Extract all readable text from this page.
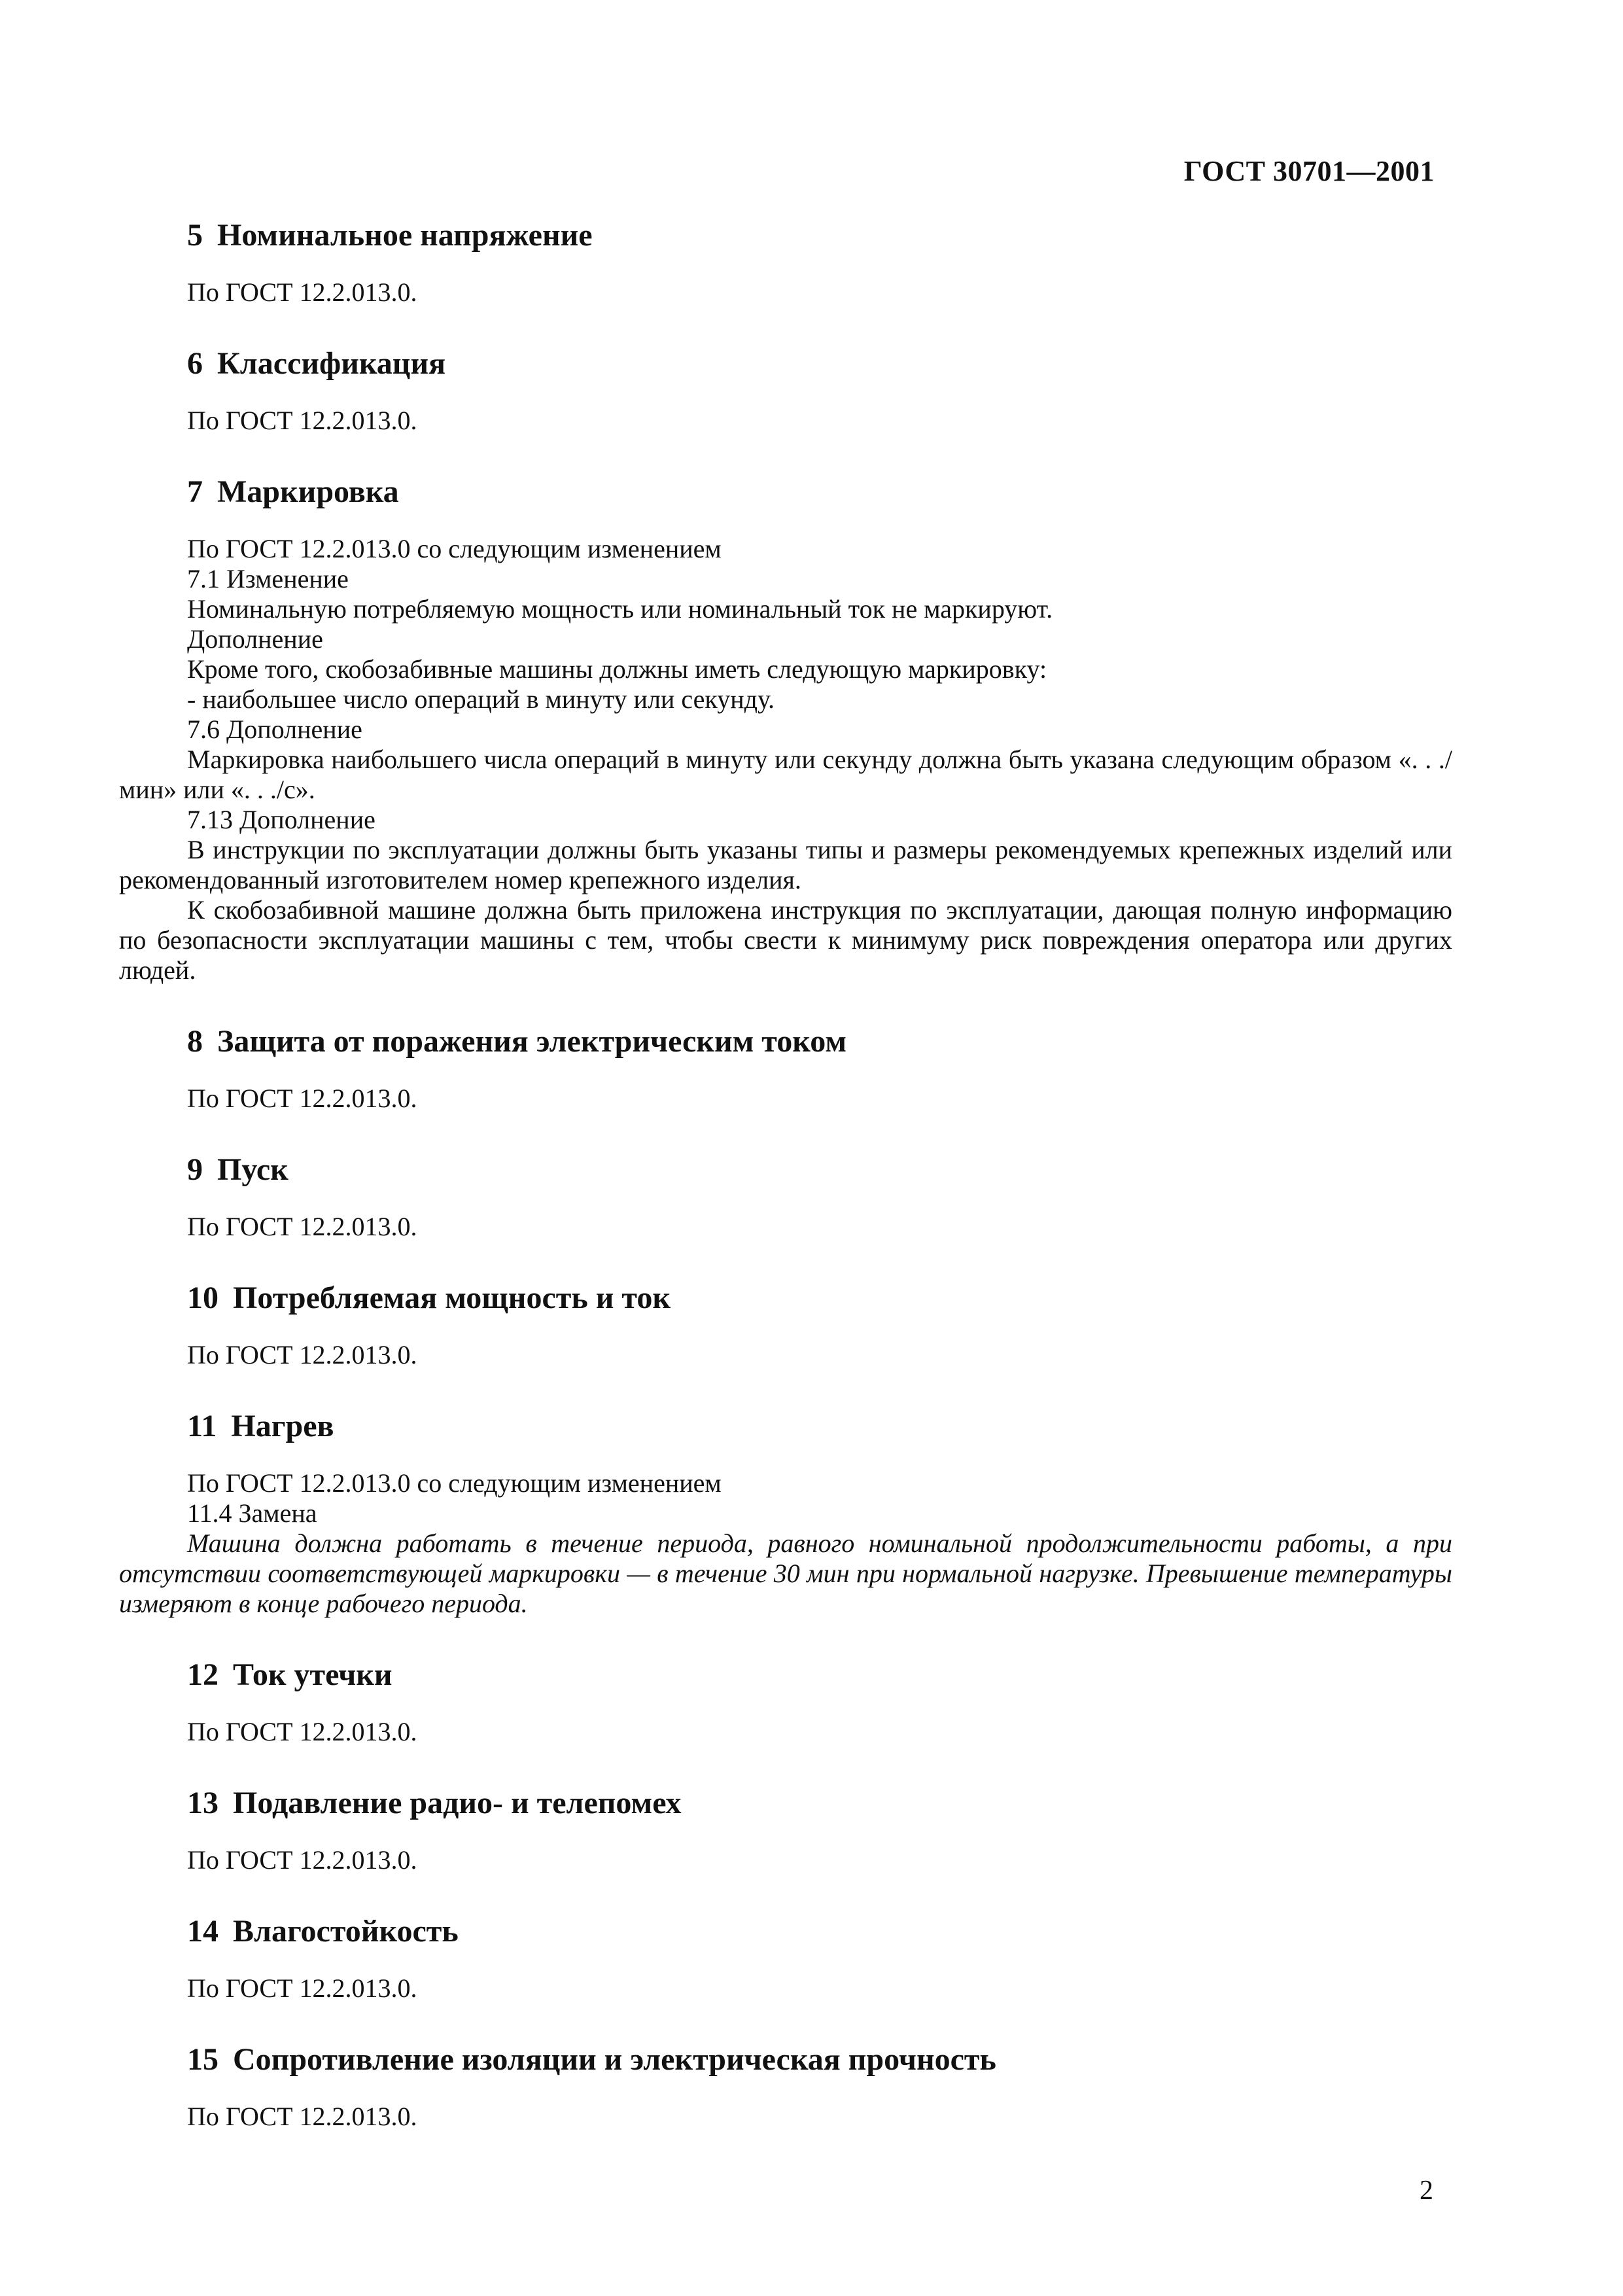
ГОСТ 30701—2001
5 Номинальное напряжение
По ГОСТ 12.2.013.0.
6 Классификация
По ГОСТ 12.2.013.0.
7 Маркировка
По ГОСТ 12.2.013.0 со следующим изменением
7.1 Изменение
Номинальную потребляемую мощность или номинальный ток не маркируют.
Дополнение
Кроме того, скобозабивные машины должны иметь следующую маркировку:
- наибольшее число операций в минуту или секунду.
7.6 Дополнение

Маркировка наибольшего числа операций в минуту или секунду должна быть указана следующим образом «. . ./мин» или «. . ./с».

7.13 Дополнение

В инструкции по эксплуатации должны быть указаны типы и размеры рекомендуемых крепежных изделий или рекомендованный изготовителем номер крепежного изделия.

К скобозабивной машине должна быть приложена инструкция по эксплуатации, дающая полную информацию по безопасности эксплуатации машины с тем, чтобы свести к минимуму риск повреждения оператора или других людей.

8 Защита от поражения электрическим током
По ГОСТ 12.2.013.0.
9 Пуск
По ГОСТ 12.2.013.0.
10 Потребляемая мощность и ток
По ГОСТ 12.2.013.0.
11 Нагрев
По ГОСТ 12.2.013.0 со следующим изменением
11.4 Замена

Машина должна работать в течение периода, равного номинальной продолжительности работы, а при отсутствии соответствующей маркировки — в течение 30 мин при нормальной нагрузке. Превышение температуры измеряют в конце рабочего периода.

12 Ток утечки
По ГОСТ 12.2.013.0.
13 Подавление радио- и телепомех
По ГОСТ 12.2.013.0.
14 Влагостойкость
По ГОСТ 12.2.013.0.
15 Сопротивление изоляции и электрическая прочность
По ГОСТ 12.2.013.0.
2
